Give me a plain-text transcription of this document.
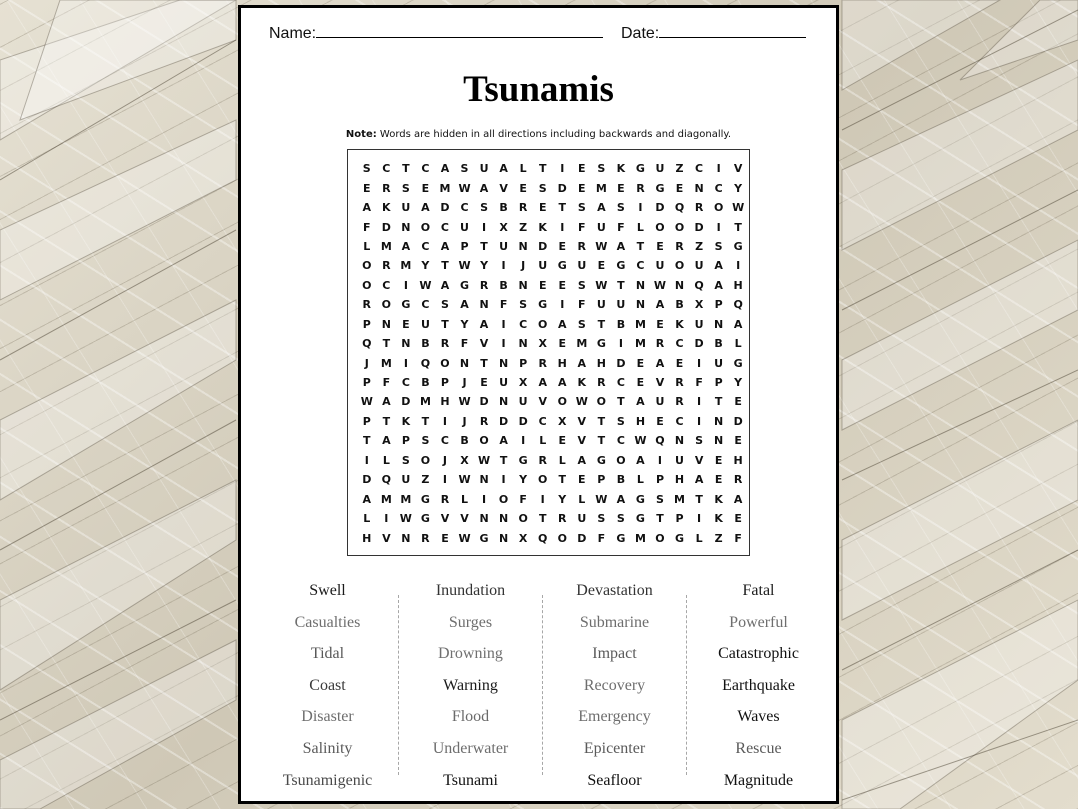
Name:	Date:
Tsunamis
Note: Words are hidden in all directions including backwards and diagonally.
S	C	T	C	A	S	U A	L	T	I	E	S	K G U	Z	C	I	V
E	R	S	E M W A	V	E	S	D	E M E	R G	E	N C	Y
A	K U A D C	S	B	R	E	T	S	A	S	I	D Q R O W
F	D N O C	U	I	X	Z	K	I	F	U	F	L	O O D	I	T
L M A	C	A	P	T	U N D	E	R W A	T	E	R	Z	S	G
O R M Y	T W Y	I	J	U G U	E	G	C	U O U A	I
O C	I	W A G R	B N	E	E	S W T	N W N Q A H
R O G	C	S	A N	F	S	G	I	F	U U N A	B	X	P Q
P N	E	U	T	Y	A	I	C O A	S	T	B M E	K U N A
Q	T	N B	R	F	V	I	N X	E M G	I	M R	C D B	L
J	M	I	Q O N	T	N P	R H A H D	E	A	E	I	U G
P	F	C	B	P	J	E	U X	A	A	K	R	C	E	V	R	F	P	Y
W A D M H W D N U V O W O	T	A U R	I	T	E
P	T	K	T	I	J	R D D C	X	V	T	S H	E	C	I	N D
T	A	P	S	C	B O A	I	L	E	V	T	C W Q N S N	E
I	L	S O	J	X W T	G R	L	A G O A	I	U V	E	H
D Q U	Z	I	W N	I	Y O	T	E	P	B	L	P H A	E	R
A M M G R	L	I	O	F	I	Y	L W A G	S M T	K	A
L	I	W G V	V N N O	T	R U	S	S	G	T	P	I	K	E
H V N R	E W G N X Q O D	F	G M O G	L	Z	F
Swell
Casualties
Tidal
Coast
Disaster
Salinity
Tsunamigenic
Inundation
Surges
Drowning
Warning
Flood
Underwater
Tsunami
Devastation
Submarine
Impact
Recovery
Emergency
Epicenter
Seafloor
Fatal
Powerful
Catastrophic
Earthquake
Waves
Rescue
Magnitude
